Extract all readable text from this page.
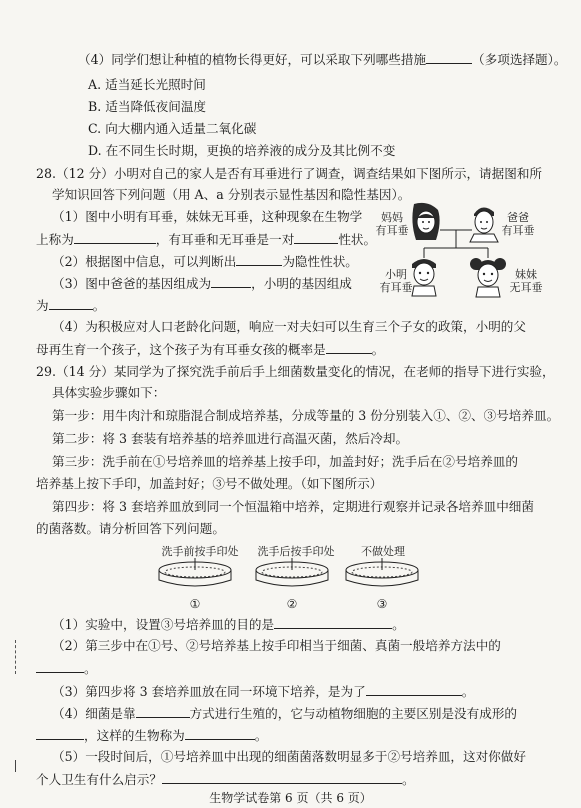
（4）同学们想让种植的植物长得更好，可以采取下列哪些措施	（多项选择题）。
A. 适当延长光照时间
B. 适当降低夜间温度
C. 向大棚内通入适量二氧化碳
D. 在不同生长时期，更换的培养液的成分及其比例不变
28.（12 分）小明对自己的家人是否有耳垂进行了调查，调查结果如下图所示，请据图和所
学知识回答下列问题（用 A、a 分别表示显性基因和隐性基因）。
（1）图中小明有耳垂，妹妹无耳垂，这种现象在生物学
上称为	，有耳垂和无耳垂是一对	性状。
（2）根据图中信息，可以判断出	为隐性性状。
（3）图中爸爸的基因组成为	，小明的基因组成
为	。
（4）为积极应对人口老龄化问题，响应一对夫妇可以生育三个子女的政策，小明的父
母再生育一个孩子，这个孩子为有耳垂女孩的概率是	。
妈妈
有耳垂
爸爸
有耳垂
小明
有耳垂
妹妹
无耳垂
29.（14 分）某同学为了探究洗手前后手上细菌数量变化的情况，在老师的指导下进行实验，
具体实验步骤如下：
第一步：用牛肉汁和琼脂混合制成培养基，分成等量的 3 份分别装入①、②、③号培养皿。
第二步：将 3 套装有培养基的培养皿进行高温灭菌，然后冷却。
第三步：洗手前在①号培养皿的培养基上按手印，加盖封好；洗手后在②号培养皿的
培养基上按下手印，加盖封好；③号不做处理。（如下图所示）
第四步：将 3 套培养皿放到同一个恒温箱中培养，定期进行观察并记录各培养皿中细菌
的菌落数。请分析回答下列问题。
洗手前按手印处	洗手后按手印处	不做处理
①	②	③
（1）实验中，设置③号培养皿的目的是	。
（2）第三步中在①号、②号培养基上按手印相当于细菌、真菌一般培养方法中的
。
（3）第四步将 3 套培养皿放在同一环境下培养，是为了	。
（4）细菌是靠	方式进行生殖的，它与动植物细胞的主要区别是没有成形的
，这样的生物称为	。
（5）一段时间后，①号培养皿中出现的细菌菌落数明显多于②号培养皿，这对你做好
个人卫生有什么启示？	。
生物学试卷第 6 页（共 6 页）
